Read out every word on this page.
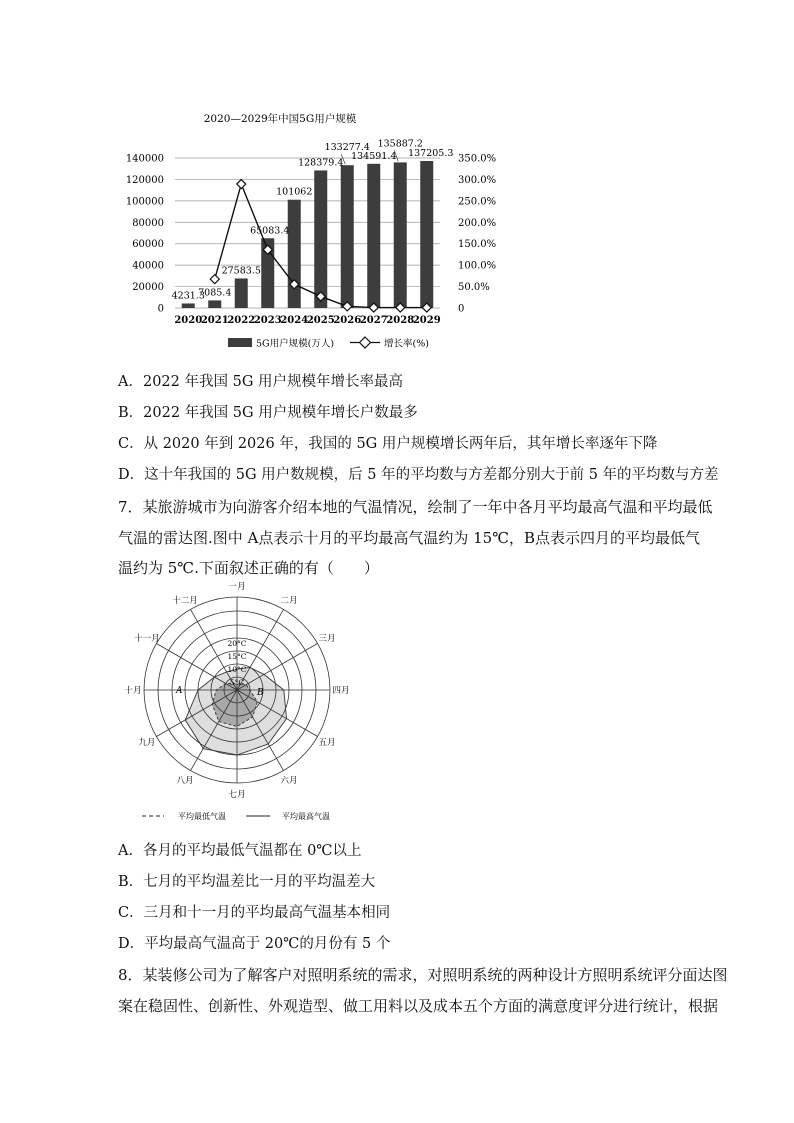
2020—2029年中国5G用户规模
0
20000
40000
60000
80000
100000
120000
140000
0
50.0%
100.0%
150.0%
200.0%
250.0%
300.0%
350.0%
4231.3
7085.4
27583.5
65083.4
101062
128379.4
133277.4
134591.4
135887.2
137205.3
2020
2021
2022
2023
2024
2025
2026
2027
2028
2029
5G用户规模(万人)	增长率(%)
A．2022 年我国 5G 用户规模年增长率最高
B．2022 年我国 5G 用户规模年增长户数最多
C．从 2020 年到 2026 年，我国的 5G 用户规模增长两年后，其年增长率逐年下降
D．这十年我国的 5G 用户数规模，后 5 年的平均数与方差都分别大于前 5 年的平均数与方差
7．某旅游城市为向游客介绍本地的气温情况，绘制了一年中各月平均最高气温和平均最低
气温的雷达图.图中 A点表示十月的平均最高气温约为 15℃，B点表示四月的平均最低气
温约为 5℃.下面叙述正确的有（　　）
一月
二月
三月
四月
五月
六月
七月
八月
九月
十月
十一月
十二月
5°C
10°C
15°C
20°C
A	B
平均最低气温	平均最高气温
A．各月的平均最低气温都在 0℃以上
B．七月的平均温差比一月的平均温差大
C．三月和十一月的平均最高气温基本相同
D．平均最高气温高于 20℃的月份有 5 个
8．某装修公司为了解客户对照明系统的需求，对照明系统的两种设计方照明系统评分面达图
案在稳固性、创新性、外观造型、做工用料以及成本五个方面的满意度评分进行统计，根据
